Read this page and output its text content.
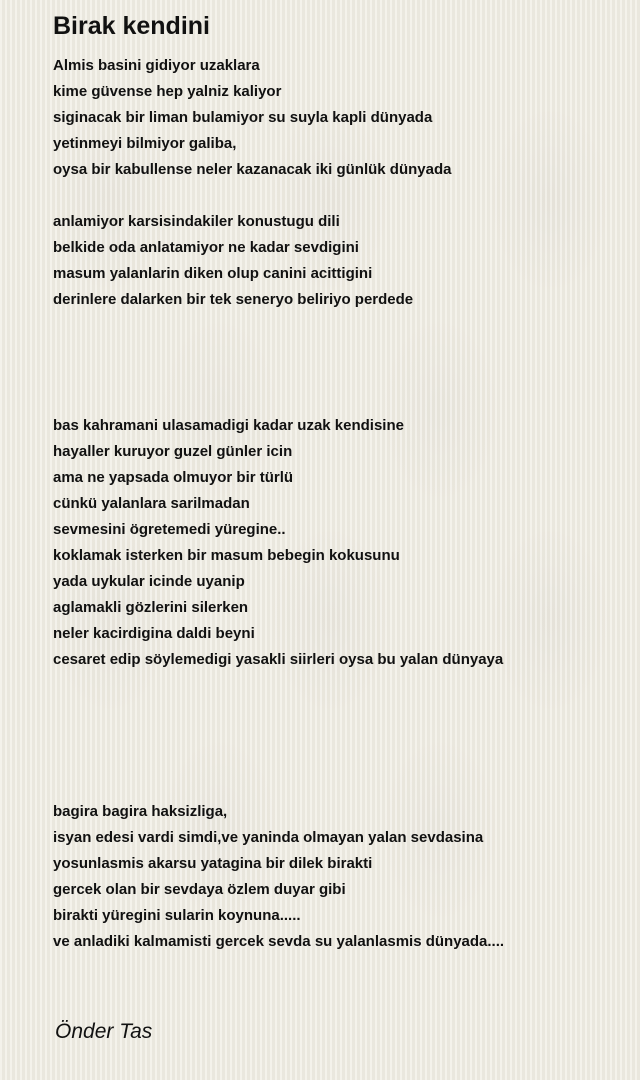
Birak kendini
Almis basini gidiyor uzaklara
kime güvense hep yalniz kaliyor
siginacak bir liman bulamiyor su suyla kapli dünyada
yetinmeyi bilmiyor galiba,
oysa bir kabullense neler kazanacak iki günlük dünyada
anlamiyor karsisindakiler konustugu dili
belkide oda anlatamiyor ne kadar sevdigini
masum yalanlarin diken olup canini acittigini
derinlere dalarken bir tek seneryo beliriyo perdede
bas kahramani ulasamadigi kadar uzak kendisine
hayaller kuruyor guzel günler icin
ama ne yapsada olmuyor bir türlü
cünkü yalanlara sarilmadan
sevmesini ögretemedi yüregine..
koklamak isterken bir masum bebegin kokusunu
yada uykular icinde uyanip
aglamakli gözlerini silerken
neler kacirdigina daldi beyni
cesaret edip söylemedigi yasakli siirleri oysa bu yalan dünyaya
bagira bagira haksizliga,
isyan edesi vardi simdi,ve yaninda olmayan yalan sevdasina
yosunlasmis akarsu yatagina bir dilek birakti
gercek olan bir sevdaya özlem duyar gibi
birakti yüregini sularin koynuna.....
ve anladiki kalmamisti gercek sevda su yalanlasmis dünyada....
Önder Tas
